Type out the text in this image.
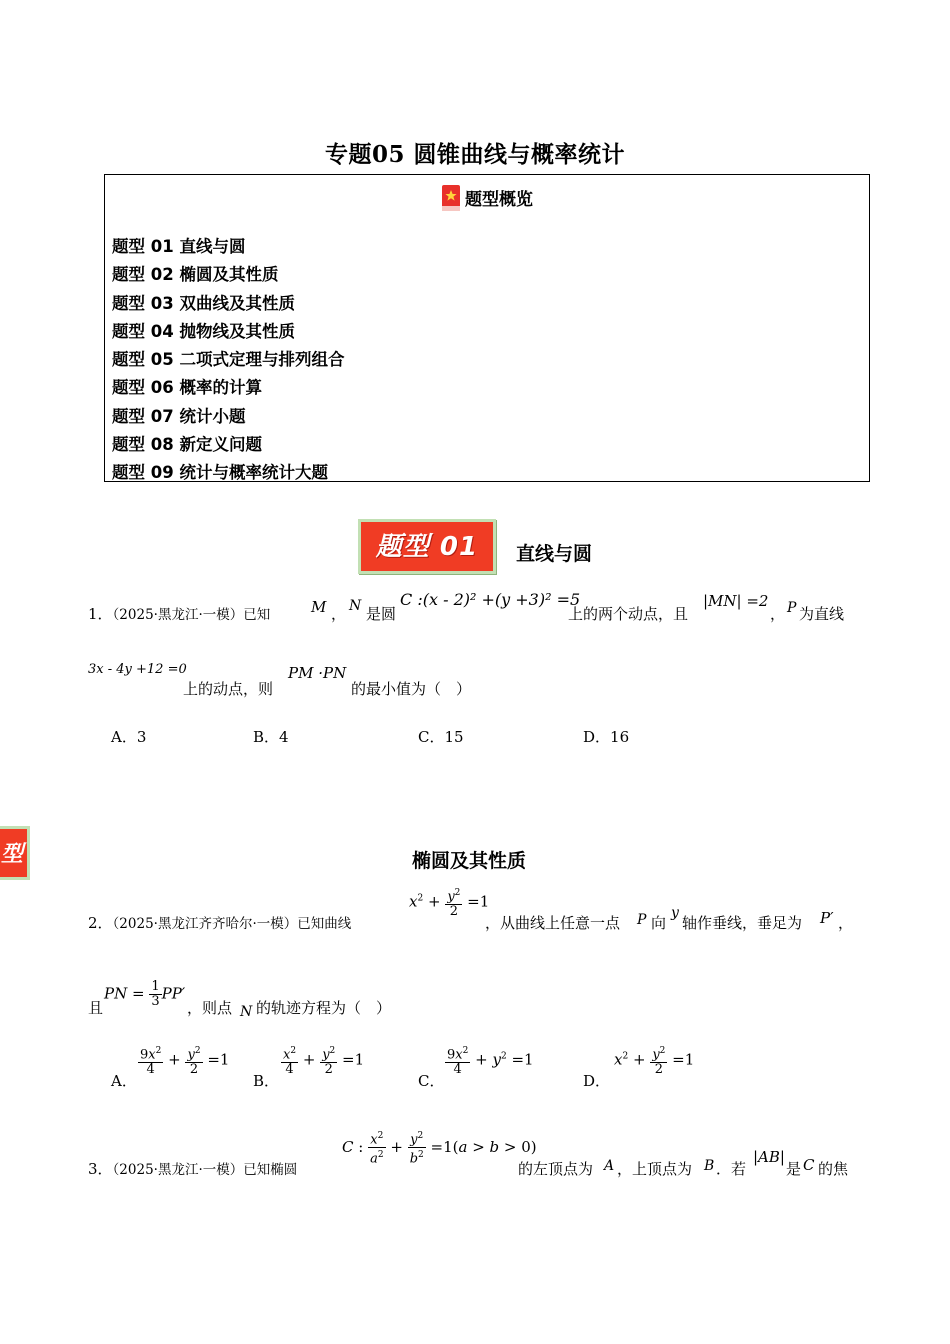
专题05 圆锥曲线与概率统计
题型概览
题型 01 直线与圆
题型 02 椭圆及其性质
题型 03 双曲线及其性质
题型 04 抛物线及其性质
题型 05 二项式定理与排列组合
题型 06 概率的计算
题型 07 统计小题
题型 08 新定义问题
题型 09 统计与概率统计大题
题型 01	直线与圆
1．（2025·黑龙江·一模）已知	M ， N 是圆
C :(x - 2)² +(y +3)² =5
上的两个动点，且
|MN| =2
， P 为直线
3x - 4y +12 =0
上的动点，则
PM ·PN
的最小值为（　）
A．3	B．4	C．15	D．16
型	椭圆及其性质
2．（2025·黑龙江齐齐哈尔·一模）已知曲线
$x^2 + \frac{y^2}{2} =1$
，从曲线上任意一点 P 向
y
轴作垂线，垂足为 P′ ，
且
PN = $\frac{1}{3} PP'$
，则点 N 的轨迹方程为（　）
A．
$\frac{9x^2}{4} + \frac{y^2}{2} =1$
B．
$\frac{x^2}{4} + \frac{y^2}{2} =1$
C．
$\frac{9x^2}{4} + y^2 =1$
D．
$x^2 + \frac{y^2}{2} =1$
3．（2025·黑龙江·一模）已知椭圆
C : $\frac{x^2}{a^2} + \frac{y^2}{b^2} =1(a > b > 0)$
的左顶点为 A ，上顶点为 B ．若
|AB|
是 C 的焦
